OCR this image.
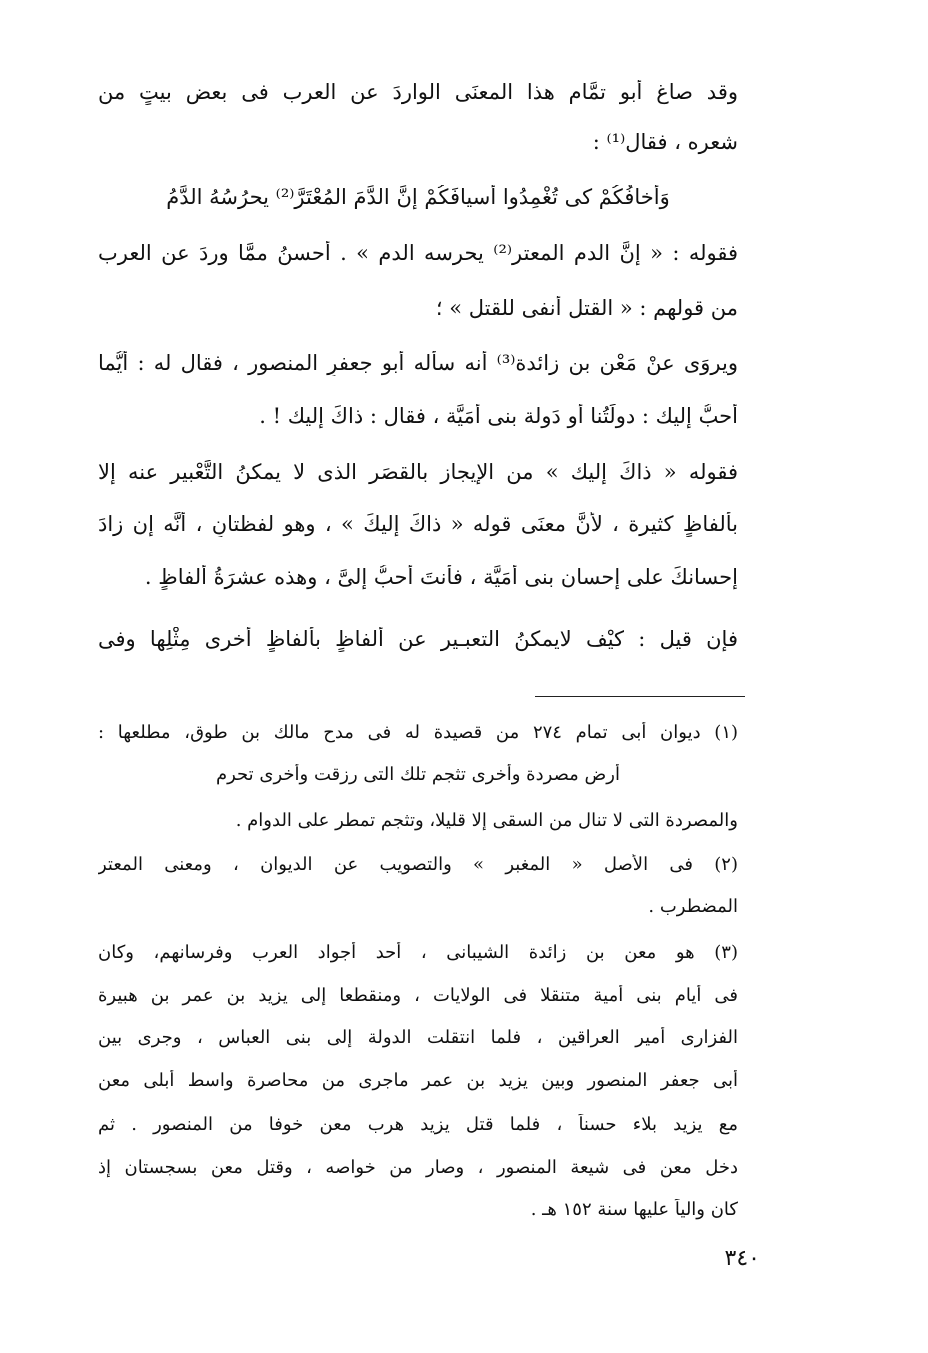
وقد صاغ أبو تمَّام هذا المعنَى الواردَ عن العرب فى بعض بيتٍ من
شعره ، فقال⁽¹⁾ :
وَأخافُكُمْ كى تُغْمِدُوا أسيافَكُمْ إنَّ الدَّمَ المُعْتَرَّ⁽²⁾ يحرُسُهُ الدَّمُ
فقوله : « إنَّ الدم المعتر⁽²⁾ يحرسه الدم » . أحسنُ ممَّا وردَ عن العرب
من قولهم : « القتل أنفى للقتل » ؛
ويروَى عنْ مَعْن بن زائدة⁽³⁾ أنه سأله أبو جعفرٍ المنصور ، فقال له : أيُّما
أحبُّ إليك : دولَتُنا أو دَولة بنى أُمَيَّة ، فقال : ذاكَ إليك ! .
فقوله « ذاكَ إليك » من الإيجاز بالقصَر الذى لا يمكنُ التَّعْبير عنه إلا
بألفاظٍ كثيرة ، لأنَّ معنَى قوله « ذاكَ إليكَ » ، وهو لفظتانِ ، أنَّه إن زادَ
إحسانكَ على إحسان بنى أُمَيَّة ، فأنتَ أحبُّ إلىَّ ، وهذه عشرَةُ ألفاظٍ .
فإن قيل : كيْف لايمكنُ التعبـير عن ألفاظٍ بألفاظٍ أُخرى مِثْلِها وفى
(١) ديوان أبى تمام ٢٧٤ من قصيدة له فى مدح مالك بن طوق، مطلعها :
أرض مصردة وأخرى تثجم تلك التى رزقت وأخرى تحرم
والمصردة التى لا تنال من السقى إلا قليلا، وتثجم تمطر على الدوام .
(٢) فى الأصل « المغبر » والتصويب عن الديوان ، ومعنى المعتر
المضطرب .
(٣) هو معن بن زائدة الشيبانى ، أحد أجواد العرب وفرسانهم، وكان
فى أيام بنى أمية متنقلا فى الولايات ، ومنقطعا إلى يزيد بن عمر بن هبيرة
الفزارى أمير العراقين ، فلما انتقلت الدولة إلى بنى العباس ، وجرى بين
أبى جعفر المنصور وبين يزيد بن عمر ماجرى من محاصرة واسط أبلى معن
مع يزيد بلاء حسناً ، فلما قتل يزيد هرب معن خوفا من المنصور . ثم
دخل معن فى شيعة المنصور ، وصار من خواصه ، وقتل معن بسجستان إذ
كان والياً عليها سنة ١٥٢ هـ .
٣٤٠
